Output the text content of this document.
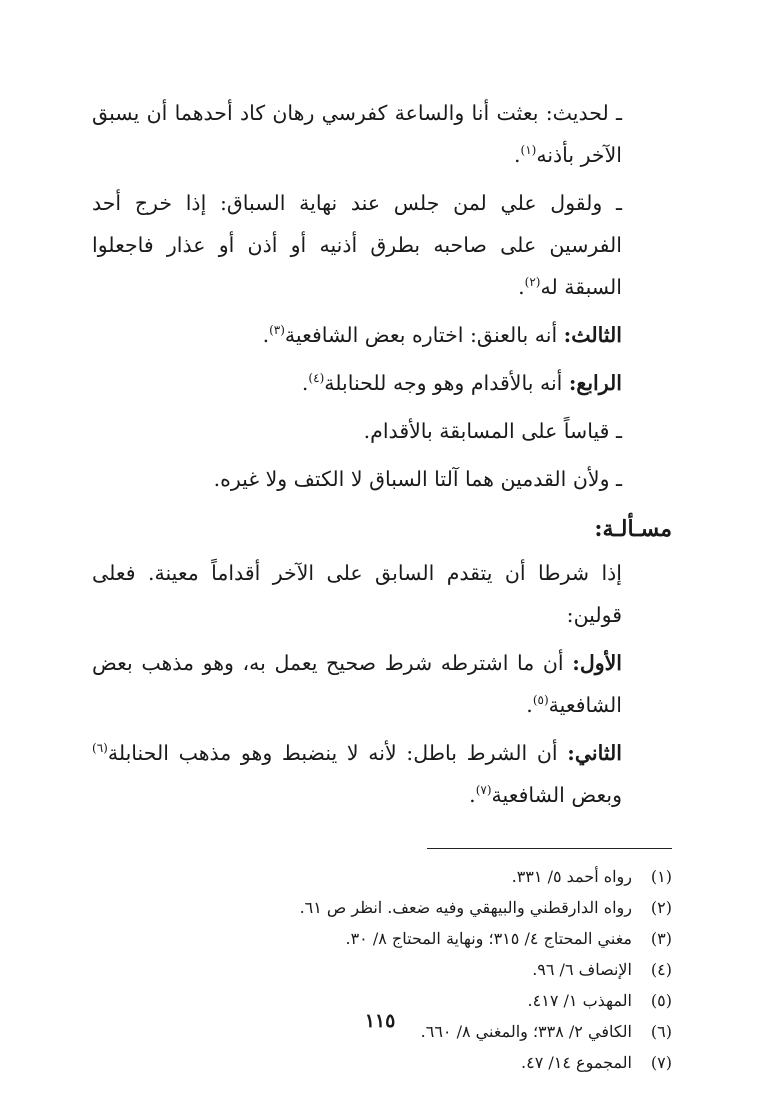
ـ لحديث: بعثت أنا والساعة كفرسي رهان كاد أحدهما أن يسبق الآخر بأذنه$^{(١)}$.

ـ ولقول علي لمن جلس عند نهاية السباق: إذا خرج أحد الفرسين على صاحبه بطرق أذنيه أو أذن أو عذار فاجعلوا السبقة له$^{(٢)}$.

الثالث: أنه بالعنق: اختاره بعض الشافعية$^{(٣)}$.

الرابع: أنه بالأقدام وهو وجه للحنابلة$^{(٤)}$.

ـ قياساً على المسابقة بالأقدام.

ـ ولأن القدمين هما آلتا السباق لا الكتف ولا غيره.

مسـألـة:

إذا شرطا أن يتقدم السابق على الآخر أقداماً معينة. فعلى قولين:

الأول: أن ما اشترطه شرط صحيح يعمل به، وهو مذهب بعض الشافعية$^{(٥)}$.

الثاني: أن الشرط باطل: لأنه لا ينضبط وهو مذهب الحنابلة$^{(٦)}$ وبعض الشافعية$^{(٧)}$.

(١)
رواه أحمد ٥/ ٣٣١.
(٢)
رواه الدارقطني والبيهقي وفيه ضعف. انظر ص ٦١.
(٣)
مغني المحتاج ٤/ ٣١٥؛ ونهاية المحتاج ٨/ ٣٠.
(٤)
الإنصاف ٦/ ٩٦.
(٥)
المهذب ١/ ٤١٧.
(٦)
الكافي ٢/ ٣٣٨؛ والمغني ٨/ ٦٦٠.
(٧)
المجموع ١٤/ ٤٧.
١١٥
